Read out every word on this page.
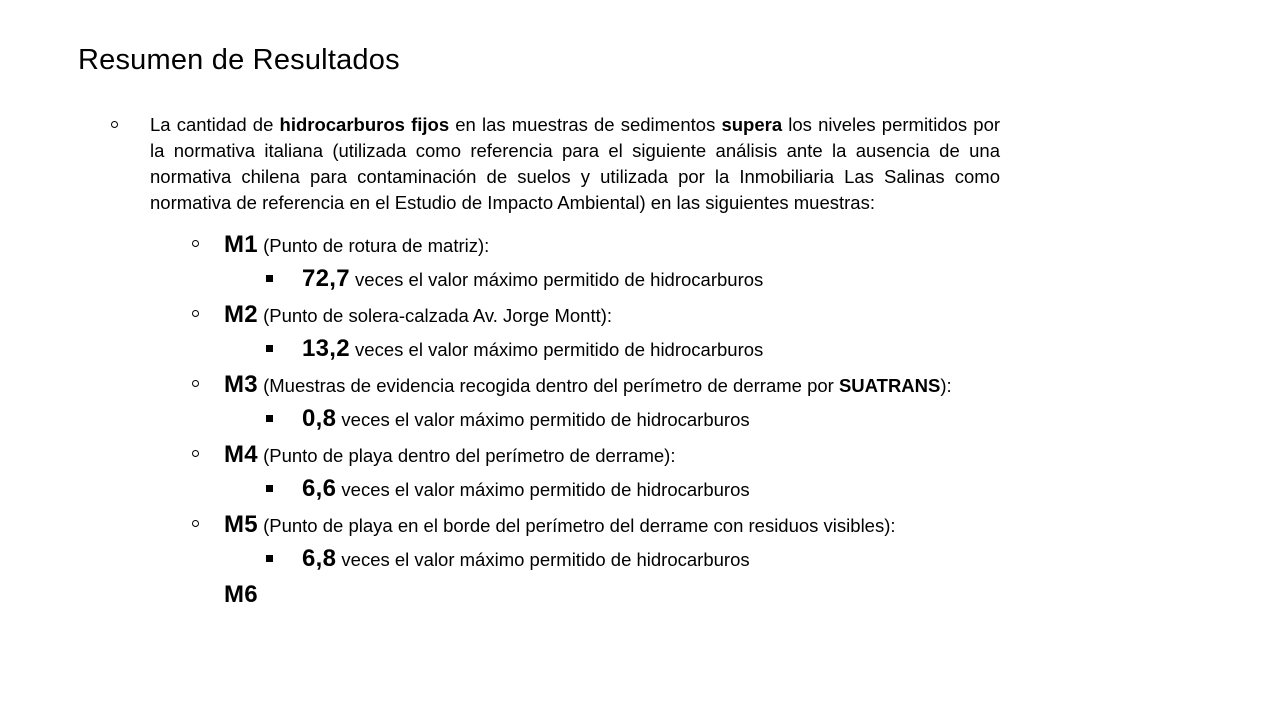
Resumen de Resultados
La cantidad de hidrocarburos fijos en las muestras de sedimentos supera los niveles permitidos por la normativa italiana (utilizada como referencia para el siguiente análisis ante la ausencia de una normativa chilena para contaminación de suelos y utilizada por la Inmobiliaria Las Salinas como normativa de referencia en el Estudio de Impacto Ambiental) en las siguientes muestras:
M1 (Punto de rotura de matriz):
72,7 veces el valor máximo permitido de hidrocarburos
M2 (Punto de solera-calzada Av. Jorge Montt):
13,2 veces el valor máximo permitido de hidrocarburos
M3 (Muestras de evidencia recogida dentro del perímetro de derrame por SUATRANS):
0,8 veces el valor máximo permitido de hidrocarburos
M4 (Punto de playa dentro del perímetro de derrame):
6,6 veces el valor máximo permitido de hidrocarburos
M5 (Punto de playa en el borde del perímetro del derrame con residuos visibles):
6,8 veces el valor máximo permitido de hidrocarburos
M6
